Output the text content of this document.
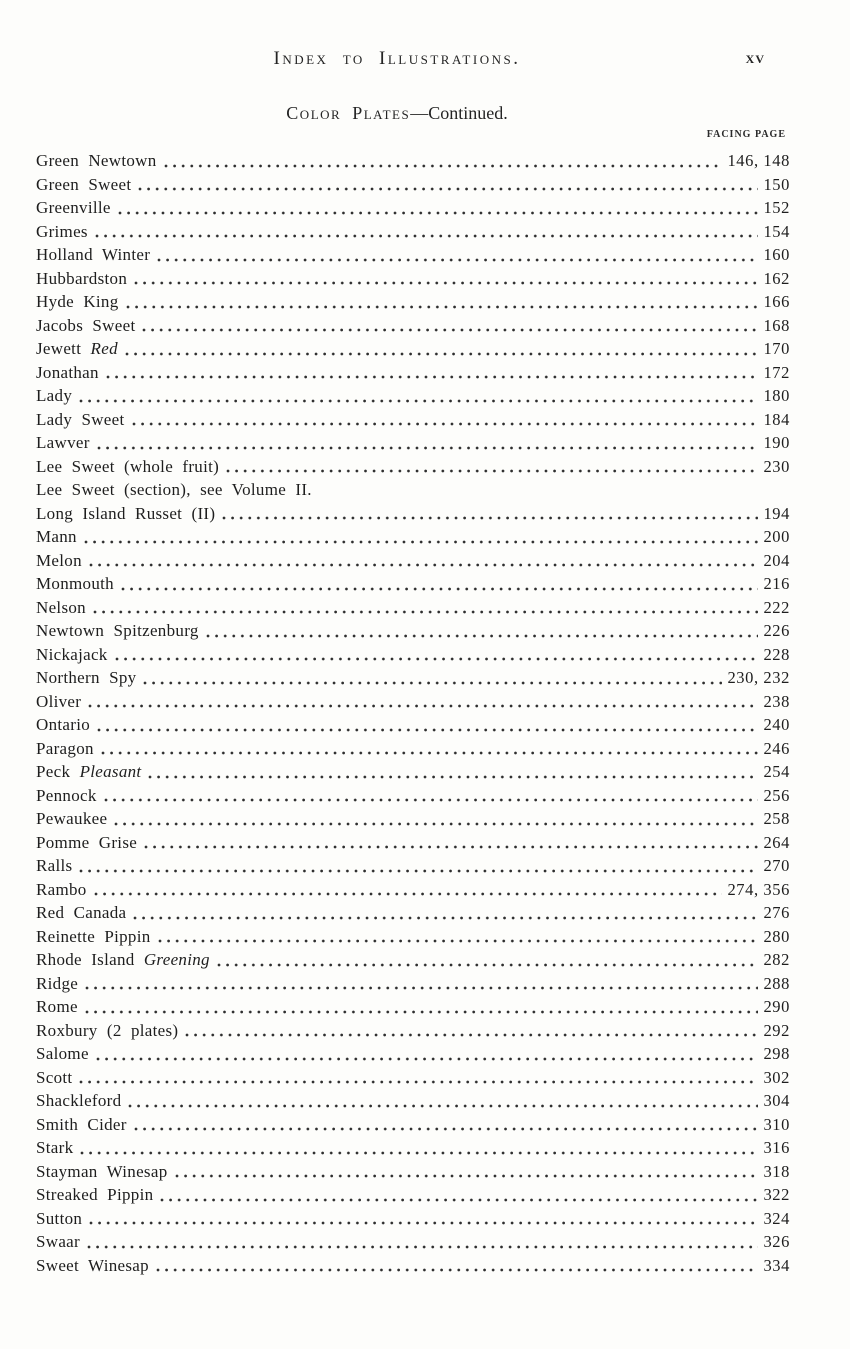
Index to Illustrations.	xv
Color Plates—Continued.
FACING PAGE
Green Newtown	146, 148
Green Sweet	150
Greenville	152
Grimes	154
Holland Winter	160
Hubbardston	162
Hyde King	166
Jacobs Sweet	168
Jewett Red	170
Jonathan	172
Lady	180
Lady Sweet	184
Lawver	190
Lee Sweet (whole fruit)	230
Lee Sweet (section), see Volume II.
Long Island Russet (II)	194
Mann	200
Melon	204
Monmouth	216
Nelson	222
Newtown Spitzenburg	226
Nickajack	228
Northern Spy	230, 232
Oliver	238
Ontario	240
Paragon	246
Peck Pleasant	254
Pennock	256
Pewaukee	258
Pomme Grise	264
Ralls	270
Rambo	274, 356
Red Canada	276
Reinette Pippin	280
Rhode Island Greening	282
Ridge	288
Rome	290
Roxbury (2 plates)	292
Salome	298
Scott	302
Shackleford	304
Smith Cider	310
Stark	316
Stayman Winesap	318
Streaked Pippin	322
Sutton	324
Swaar	326
Sweet Winesap	334
